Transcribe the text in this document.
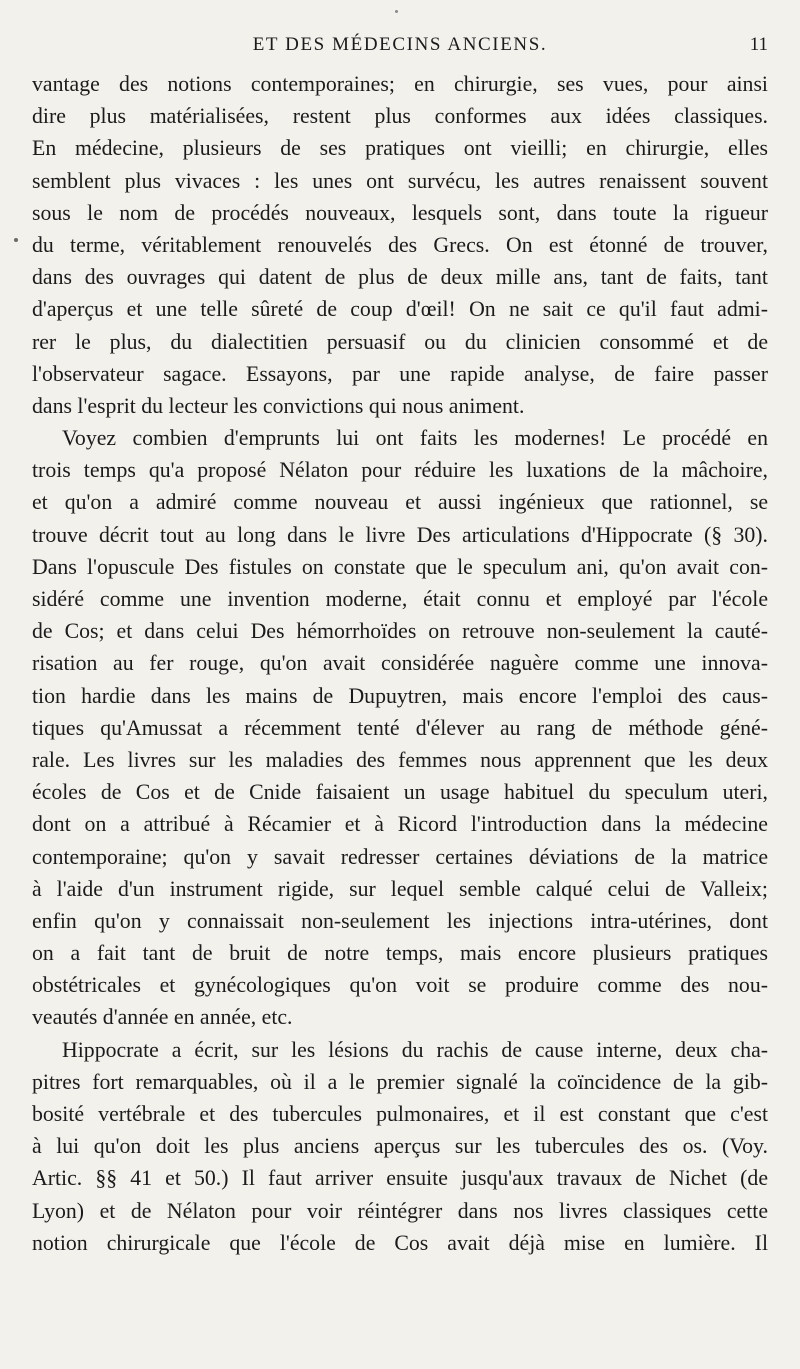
ET DES MÉDECINS ANCIENS.	11
vantage des notions contemporaines; en chirurgie, ses vues, pour ainsi
dire plus matérialisées, restent plus conformes aux idées classiques.
En médecine, plusieurs de ses pratiques ont vieilli; en chirurgie, elles
semblent plus vivaces : les unes ont survécu, les autres renaissent souvent
sous le nom de procédés nouveaux, lesquels sont, dans toute la rigueur
du terme, véritablement renouvelés des Grecs. On est étonné de trouver,
dans des ouvrages qui datent de plus de deux mille ans, tant de faits, tant
d'aperçus et une telle sûreté de coup d'œil! On ne sait ce qu'il faut admi-
rer le plus, du dialectitien persuasif ou du clinicien consommé et de
l'observateur sagace. Essayons, par une rapide analyse, de faire passer
dans l'esprit du lecteur les convictions qui nous animent.
Voyez combien d'emprunts lui ont faits les modernes! Le procédé en
trois temps qu'a proposé Nélaton pour réduire les luxations de la mâchoire,
et qu'on a admiré comme nouveau et aussi ingénieux que rationnel, se
trouve décrit tout au long dans le livre Des articulations d'Hippocrate (§ 30).
Dans l'opuscule Des fistules on constate que le speculum ani, qu'on avait con-
sidéré comme une invention moderne, était connu et employé par l'école
de Cos; et dans celui Des hémorrhoïdes on retrouve non-seulement la cauté-
risation au fer rouge, qu'on avait considérée naguère comme une innova-
tion hardie dans les mains de Dupuytren, mais encore l'emploi des caus-
tiques qu'Amussat a récemment tenté d'élever au rang de méthode géné-
rale. Les livres sur les maladies des femmes nous apprennent que les deux
écoles de Cos et de Cnide faisaient un usage habituel du speculum uteri,
dont on a attribué à Récamier et à Ricord l'introduction dans la médecine
contemporaine; qu'on y savait redresser certaines déviations de la matrice
à l'aide d'un instrument rigide, sur lequel semble calqué celui de Valleix;
enfin qu'on y connaissait non-seulement les injections intra-utérines, dont
on a fait tant de bruit de notre temps, mais encore plusieurs pratiques
obstétricales et gynécologiques qu'on voit se produire comme des nou-
veautés d'année en année, etc.
Hippocrate a écrit, sur les lésions du rachis de cause interne, deux cha-
pitres fort remarquables, où il a le premier signalé la coïncidence de la gib-
bosité vertébrale et des tubercules pulmonaires, et il est constant que c'est
à lui qu'on doit les plus anciens aperçus sur les tubercules des os. (Voy.
Artic. §§ 41 et 50.) Il faut arriver ensuite jusqu'aux travaux de Nichet (de
Lyon) et de Nélaton pour voir réintégrer dans nos livres classiques cette
notion chirurgicale que l'école de Cos avait déjà mise en lumière. Il
